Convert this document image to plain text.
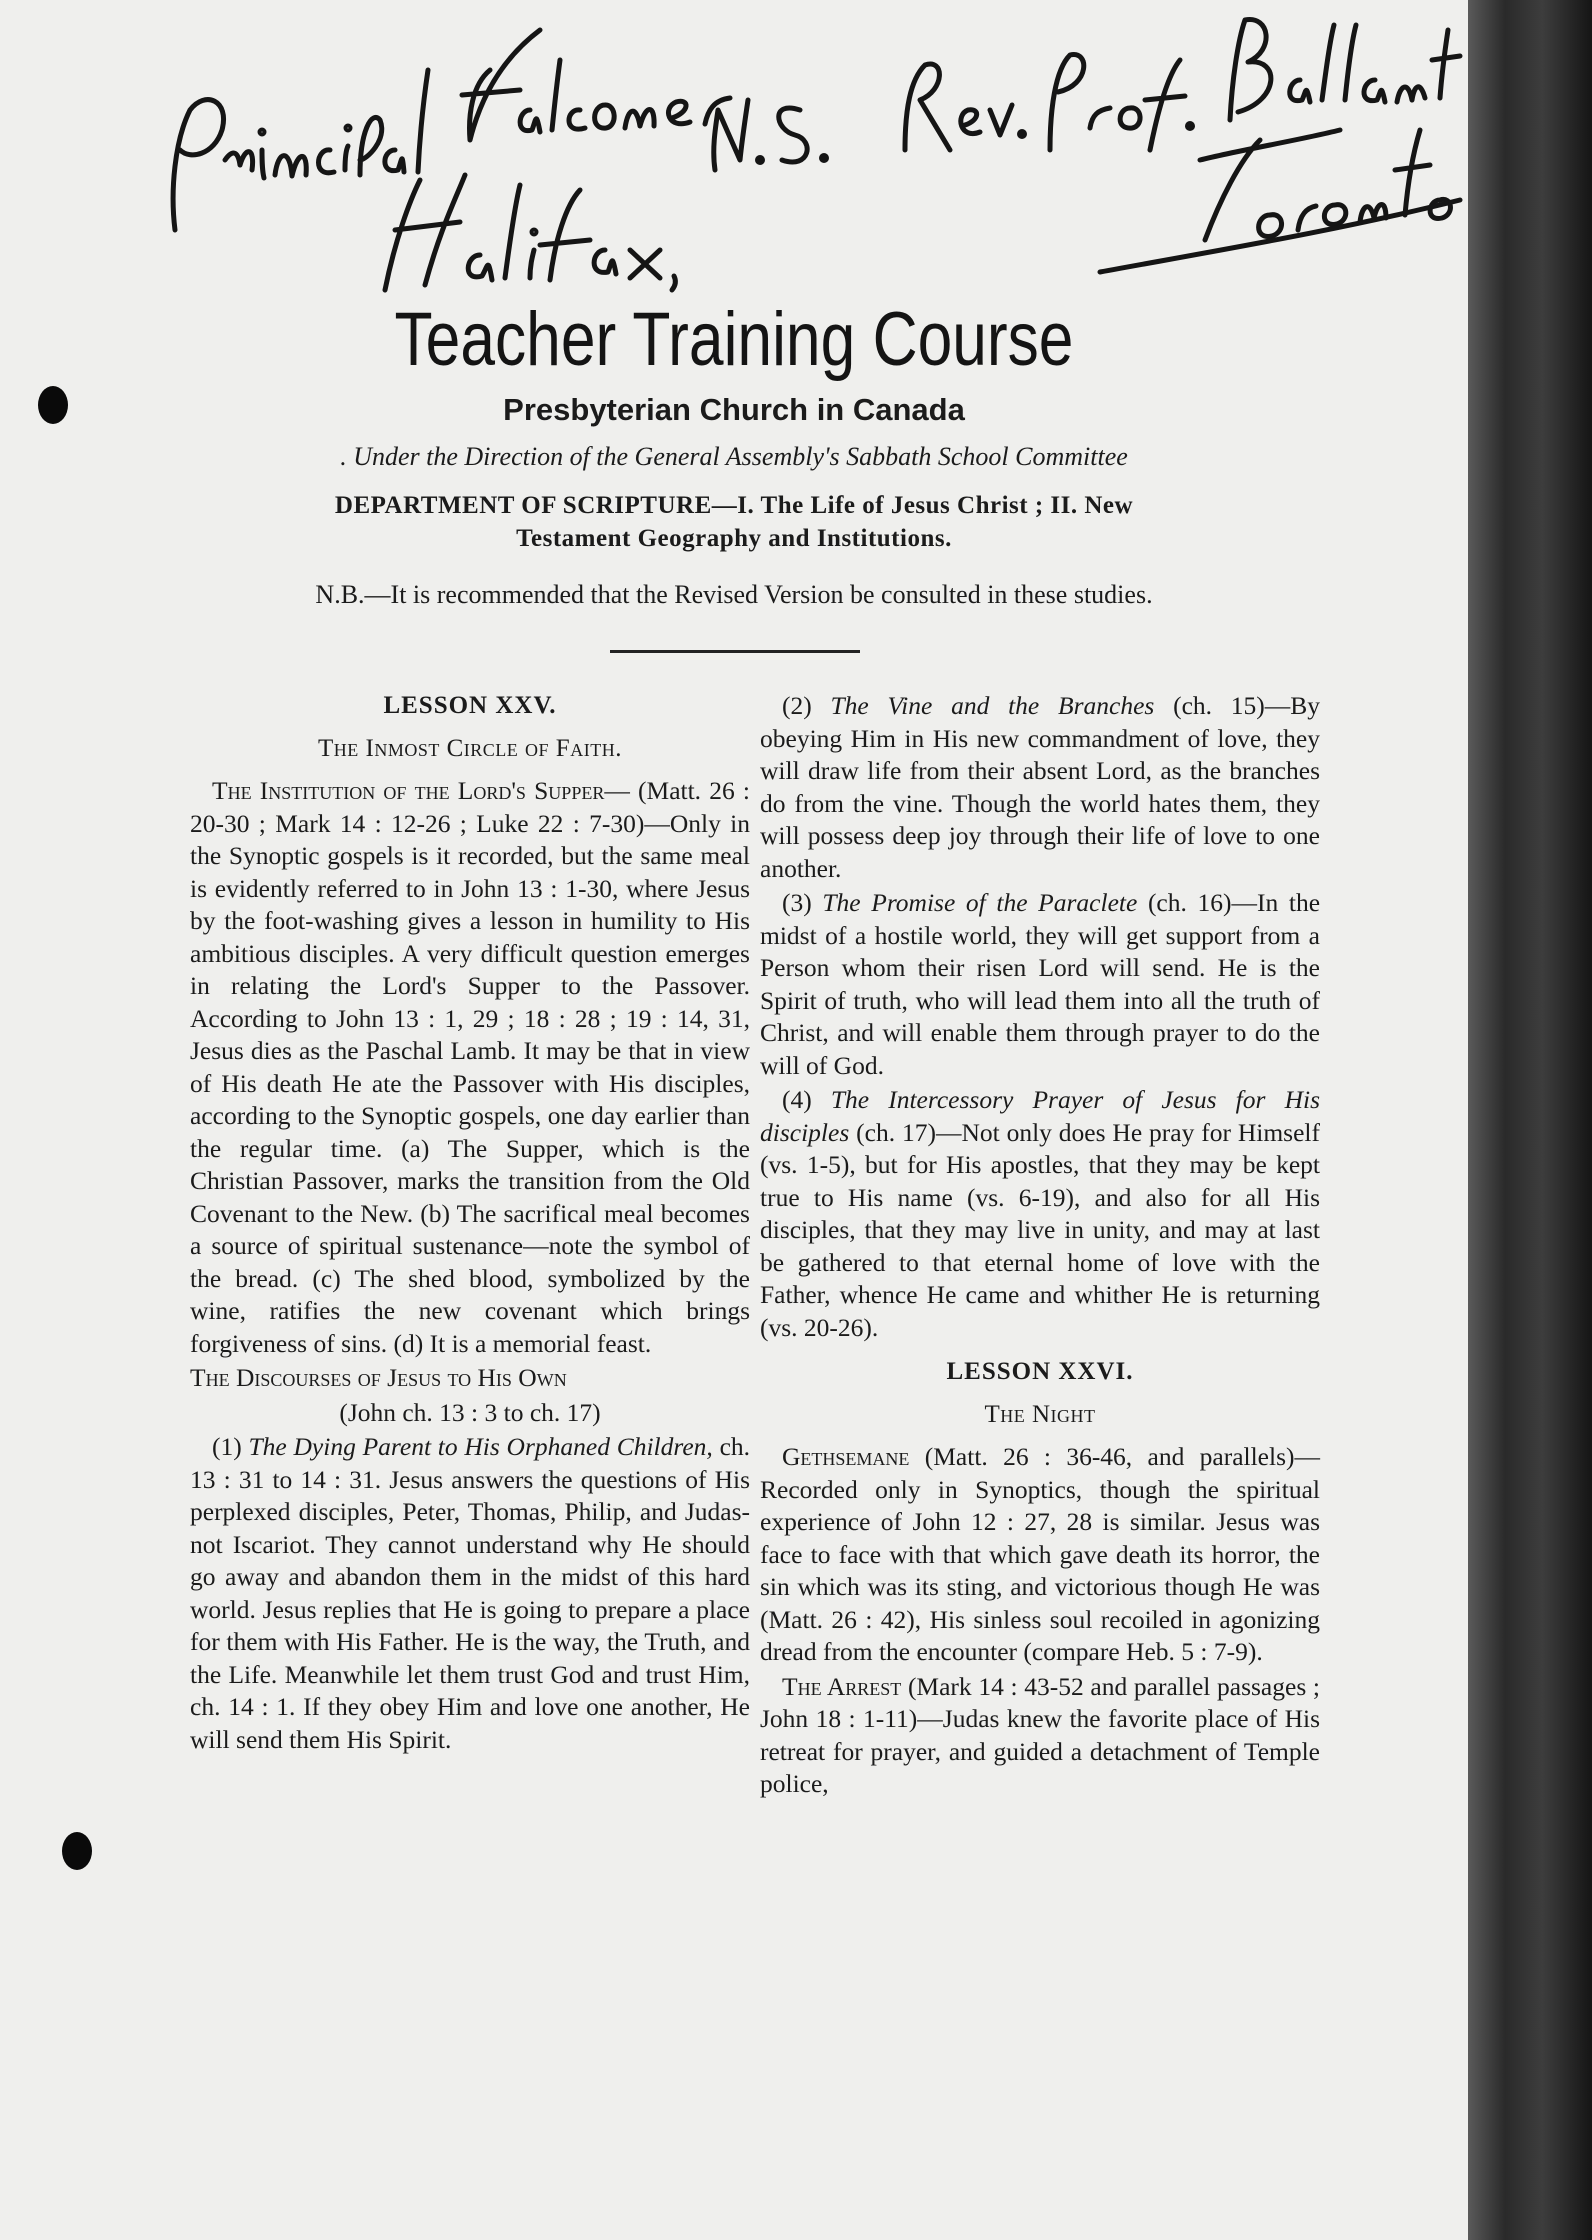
Teacher Training Course
Presbyterian Church in Canada
. Under the Direction of the General Assembly's Sabbath School Committee
DEPARTMENT OF SCRIPTURE—I. The Life of Jesus Christ ; II. New
Testament Geography and Institutions.
N.B.—It is recommended that the Revised Version be consulted in these studies.

LESSON XXV.

The Inmost Circle of Faith.

The Institution of the Lord's Supper— (Matt. 26 : 20-30 ; Mark 14 : 12-26 ; Luke 22 : 7-30)—Only in the Synoptic gospels is it recorded, but the same meal is evidently referred to in John 13 : 1-30, where Jesus by the foot-washing gives a lesson in humility to His ambitious disciples. A very difficult question emerges in relating the Lord's Supper to the Passover. According to John 13 : 1, 29 ; 18 : 28 ; 19 : 14, 31, Jesus dies as the Paschal Lamb. It may be that in view of His death He ate the Passover with His disciples, according to the Synoptic gospels, one day earlier than the regular time. (a) The Supper, which is the Christian Passover, marks the transition from the Old Covenant to the New. (b) The sacrifical meal becomes a source of spiritual sustenance—note the symbol of the bread. (c) The shed blood, symbolized by the wine, ratifies the new covenant which brings forgiveness of sins. (d) It is a memorial feast.

The Discourses of Jesus to His Own

(John ch. 13 : 3 to ch. 17)

(1) The Dying Parent to His Orphaned Children, ch. 13 : 31 to 14 : 31. Jesus answers the questions of His perplexed disciples, Peter, Thomas, Philip, and Judas-not Iscariot. They cannot understand why He should go away and abandon them in the midst of this hard world. Jesus replies that He is going to prepare a place for them with His Father. He is the way, the Truth, and the Life. Meanwhile let them trust God and trust Him, ch. 14 : 1. If they obey Him and love one another, He will send them His Spirit.

(2) The Vine and the Branches (ch. 15)—By obeying Him in His new commandment of love, they will draw life from their absent Lord, as the branches do from the vine. Though the world hates them, they will possess deep joy through their life of love to one another.

(3) The Promise of the Paraclete (ch. 16)—In the midst of a hostile world, they will get support from a Person whom their risen Lord will send. He is the Spirit of truth, who will lead them into all the truth of Christ, and will enable them through prayer to do the will of God.

(4) The Intercessory Prayer of Jesus for His disciples (ch. 17)—Not only does He pray for Himself (vs. 1-5), but for His apostles, that they may be kept true to His name (vs. 6-19), and also for all His disciples, that they may live in unity, and may at last be gathered to that eternal home of love with the Father, whence He came and whither He is returning (vs. 20-26).

LESSON XXVI.

The Night

Gethsemane (Matt. 26 : 36-46, and parallels)—Recorded only in Synoptics, though the spiritual experience of John 12 : 27, 28 is similar. Jesus was face to face with that which gave death its horror, the sin which was its sting, and victorious though He was (Matt. 26 : 42), His sinless soul recoiled in agonizing dread from the encounter (compare Heb. 5 : 7-9).

The Arrest (Mark 14 : 43-52 and parallel passages ; John 18 : 1-11)—Judas knew the favorite place of His retreat for prayer, and guided a detachment of Temple police,
